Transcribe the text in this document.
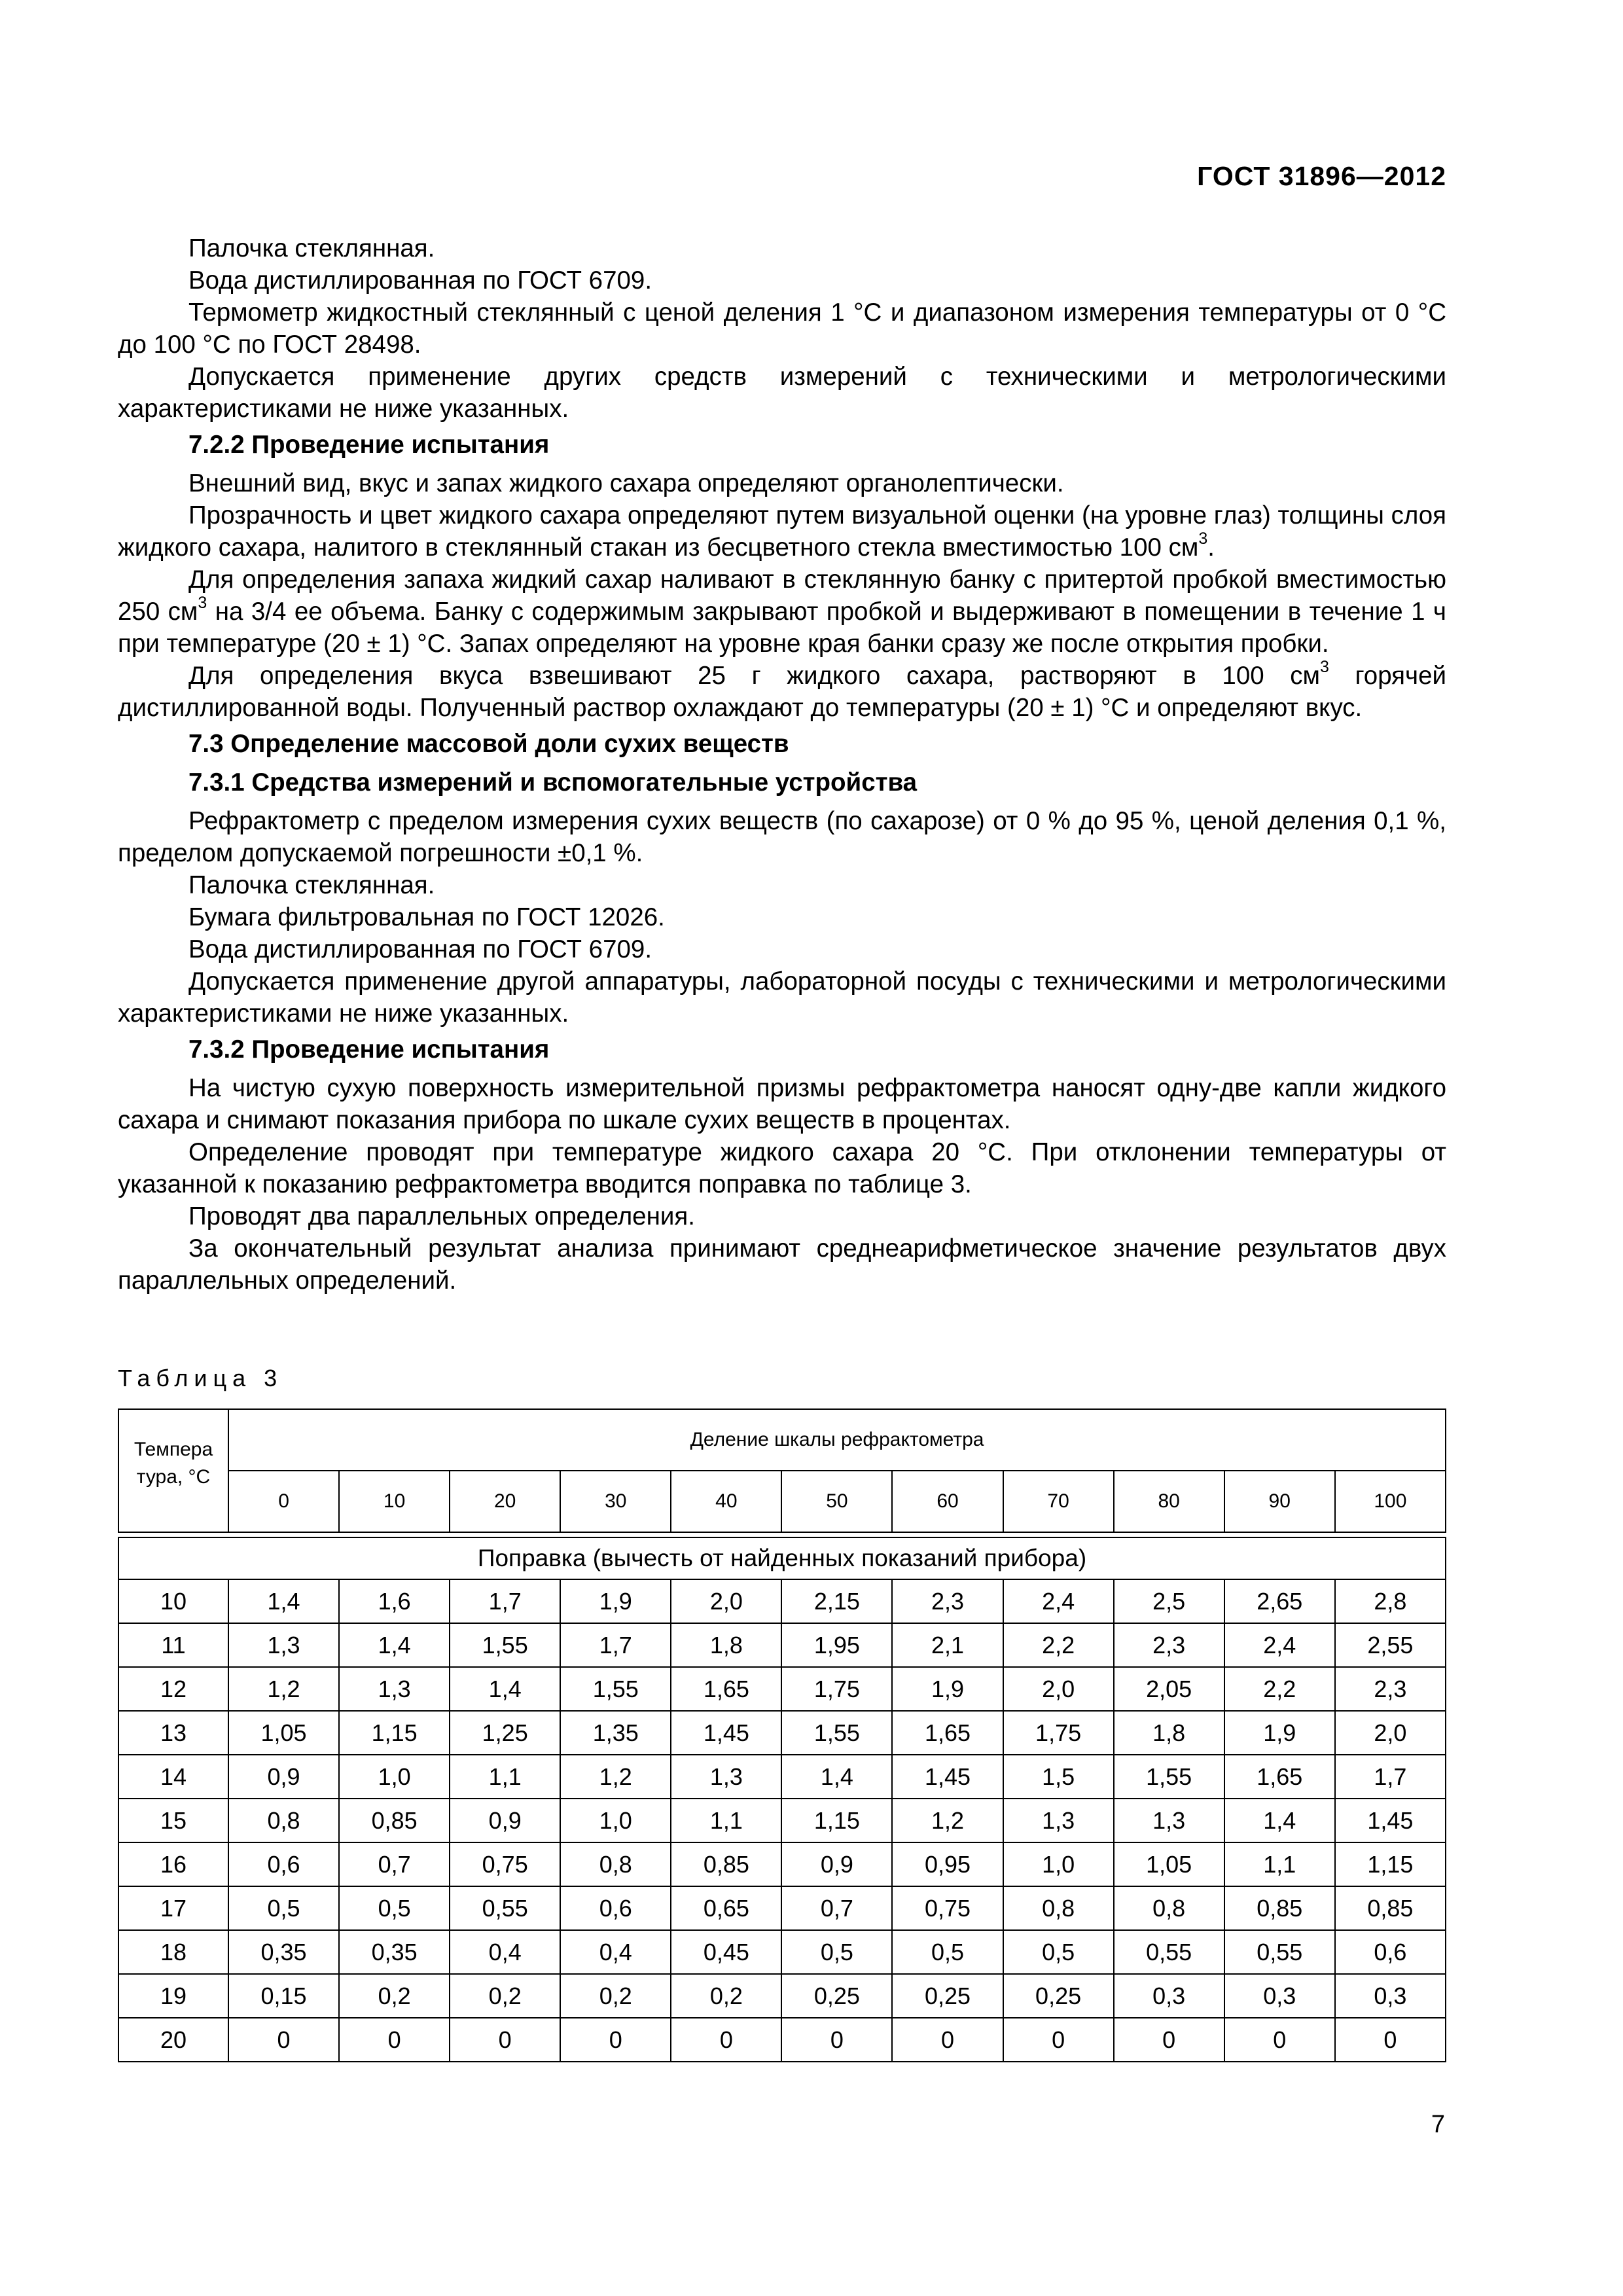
ГОСТ 31896—2012

Палочка стеклянная.

Вода дистиллированная по ГОСТ 6709.

Термометр жидкостный стеклянный с ценой деления 1 °С и диапазоном измерения температуры от 0 °С до 100 °С по ГОСТ 28498.

Допускается применение других средств измерений с техническими и метрологическими характеристиками не ниже указанных.

7.2.2 Проведение испытания

Внешний вид, вкус и запах жидкого сахара определяют органолептически.

Прозрачность и цвет жидкого сахара определяют путем визуальной оценки (на уровне глаз) толщины слоя жидкого сахара, налитого в стеклянный стакан из бесцветного стекла вместимостью 100 $см^3$.

Для определения запаха жидкий сахар наливают в стеклянную банку с притертой пробкой вместимостью 250 $см^3$ на 3/4 ее объема. Банку с содержимым закрывают пробкой и выдерживают в помещении в течение 1 ч при температуре (20 ± 1) °С. Запах определяют на уровне края банки сразу же после открытия пробки.

Для определения вкуса взвешивают 25 г жидкого сахара, растворяют в 100 $см^3$ горячей дистиллированной воды. Полученный раствор охлаждают до температуры (20 ± 1) °С и определяют вкус.

7.3 Определение массовой доли сухих веществ
7.3.1 Средства измерений и вспомогательные устройства

Рефрактометр с пределом измерения сухих веществ (по сахарозе) от 0 % до 95 %, ценой деления 0,1 %, пределом допускаемой погрешности ±0,1 %.

Палочка стеклянная.

Бумага фильтровальная по ГОСТ 12026.

Вода дистиллированная по ГОСТ 6709.

Допускается применение другой аппаратуры, лабораторной посуды с техническими и метрологическими характеристиками не ниже указанных.

7.3.2 Проведение испытания

На чистую сухую поверхность измерительной призмы рефрактометра наносят одну-две капли жидкого сахара и снимают показания прибора по шкале сухих веществ в процентах.

Определение проводят при температуре жидкого сахара 20 °С. При отклонении температуры от указанной к показанию рефрактометра вводится поправка по таблице 3.

Проводят два параллельных определения.

За окончательный результат анализа принимают среднеарифметическое значение результатов двух параллельных определений.

Таблица 3
Темпера
тура, °С	Деление шкалы рефрактометра										
	0	10	20	30	40	50	60	70	80	90	100

Поправка (вычесть от найденных показаний прибора)											
10	1,4	1,6	1,7	1,9	2,0	2,15	2,3	2,4	2,5	2,65	2,8
11	1,3	1,4	1,55	1,7	1,8	1,95	2,1	2,2	2,3	2,4	2,55
12	1,2	1,3	1,4	1,55	1,65	1,75	1,9	2,0	2,05	2,2	2,3
13	1,05	1,15	1,25	1,35	1,45	1,55	1,65	1,75	1,8	1,9	2,0
14	0,9	1,0	1,1	1,2	1,3	1,4	1,45	1,5	1,55	1,65	1,7
15	0,8	0,85	0,9	1,0	1,1	1,15	1,2	1,3	1,3	1,4	1,45
16	0,6	0,7	0,75	0,8	0,85	0,9	0,95	1,0	1,05	1,1	1,15
17	0,5	0,5	0,55	0,6	0,65	0,7	0,75	0,8	0,8	0,85	0,85
18	0,35	0,35	0,4	0,4	0,45	0,5	0,5	0,5	0,55	0,55	0,6
19	0,15	0,2	0,2	0,2	0,2	0,25	0,25	0,25	0,3	0,3	0,3
20	0	0	0	0	0	0	0	0	0	0	0
7
